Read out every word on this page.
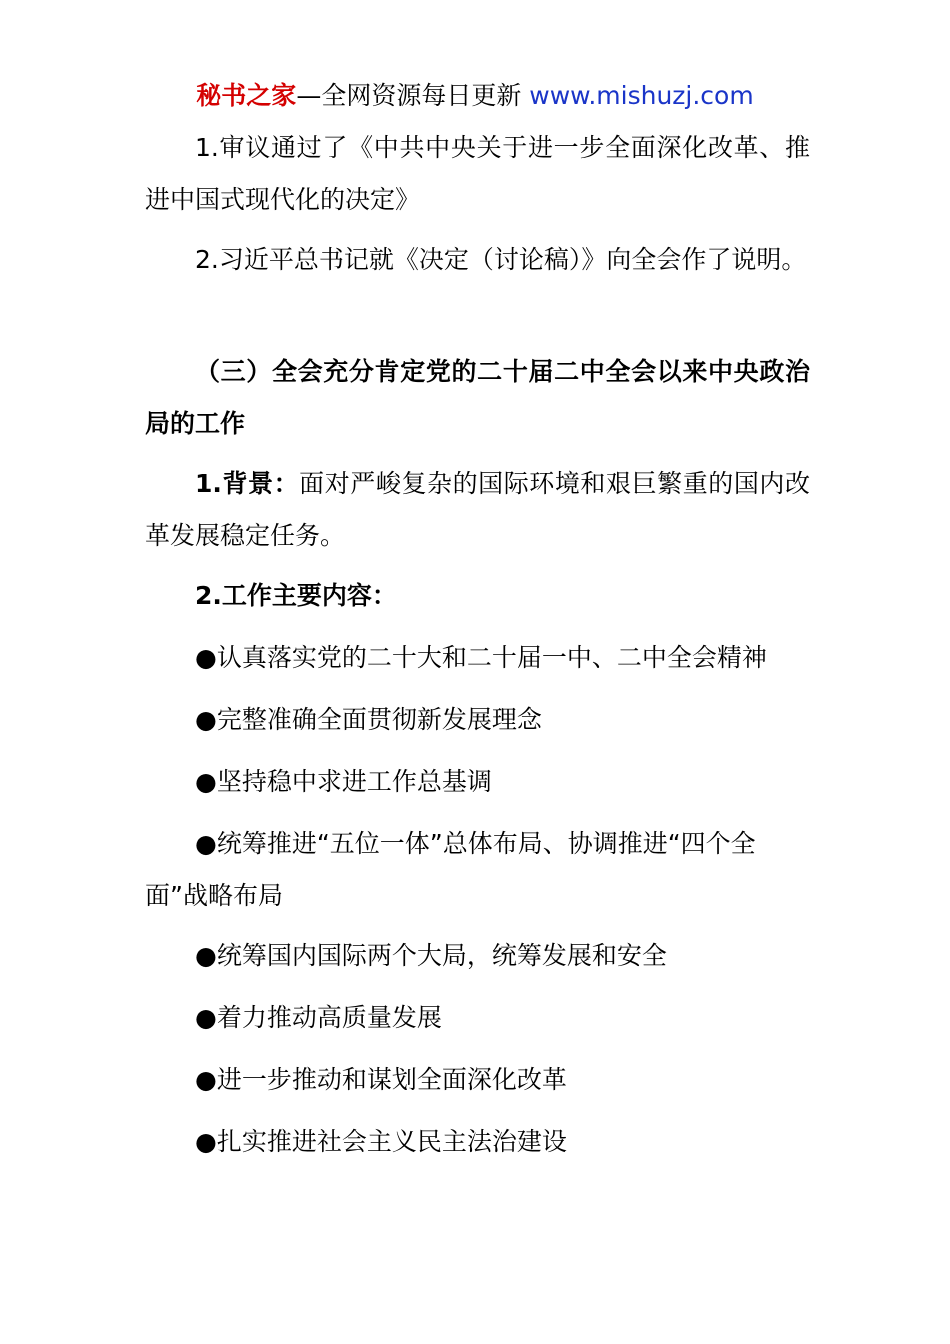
秘书之家—全网资源每日更新 www.mishuzj.com

1.审议通过了《中共中央关于进一步全面深化改革、推进中国式现代化的决定》

2.习近平总书记就《决定（讨论稿）》向全会作了说明。

（三）全会充分肯定党的二十届二中全会以来中央政治局的工作

1.背景：面对严峻复杂的国际环境和艰巨繁重的国内改革发展稳定任务。

2.工作主要内容：

●认真落实党的二十大和二十届一中、二中全会精神

●完整准确全面贯彻新发展理念

●坚持稳中求进工作总基调

●统筹推进“五位一体”总体布局、协调推进“四个全面”战略布局

●统筹国内国际两个大局，统筹发展和安全

●着力推动高质量发展

●进一步推动和谋划全面深化改革

●扎实推进社会主义民主法治建设
